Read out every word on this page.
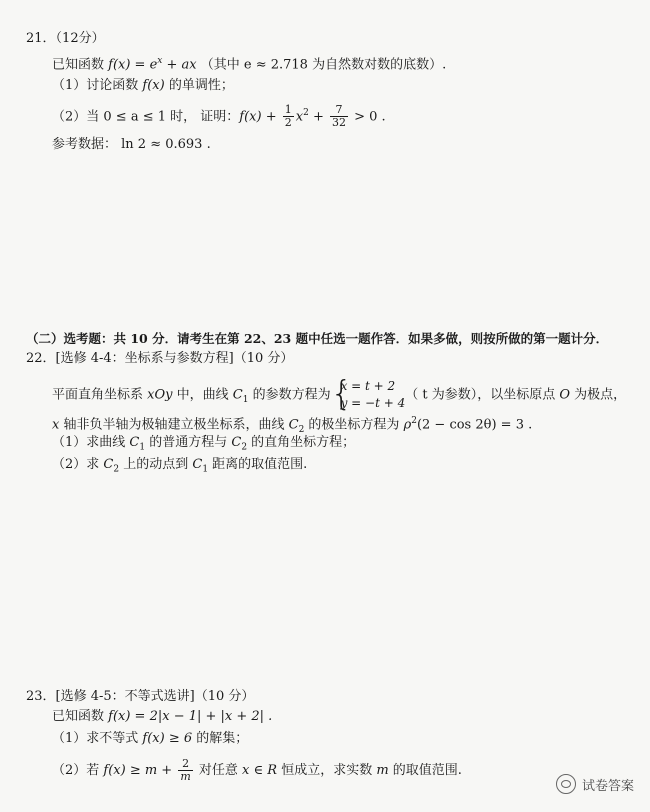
21．（12分）
已知函数 $f(x) = e^x$ + ax （其中 e ≈ 2.718 为自然数对数的底数）.
（1）讨论函数 f(x) 的单调性；
（2）当 0 ≤ a ≤ 1 时， 证明：$f(x) + \frac{1}{2} x^2 + \frac{7}{32} > 0$ .
参考数据： ln 2 ≈ 0.693 .
（二）选考题：共 10 分．请考生在第 22、23 题中任选一题作答．如果多做，则按所做的第一题计分．
22．[选修 4-4：坐标系与参数方程]（10 分）
平面直角坐标系 xOy 中，曲线 $C_1$ 的参数方程为 {
x = t + 2
y = −t + 4
（ t 为参数），以坐标原点 O 为极点，
x 轴非负半轴为极轴建立极坐标系，曲线 $C_2$ 的极坐标方程为 $\rho^2(2 - \cos 2\theta) = 3$ .
（1）求曲线 $C_1$ 的普通方程与 $C_2$ 的直角坐标方程；
（2）求 $C_2$ 上的动点到 $C_1$ 距离的取值范围.
23．[选修 4-5：不等式选讲]（10 分）
已知函数 f(x) = 2|x − 1| + |x + 2| .
（1）求不等式 f(x) ≥ 6 的解集；
（2）若 $f(x) \ge m + \frac{2}{m}$ 对任意 x ∈ R 恒成立，求实数 m 的取值范围.
试卷答案
